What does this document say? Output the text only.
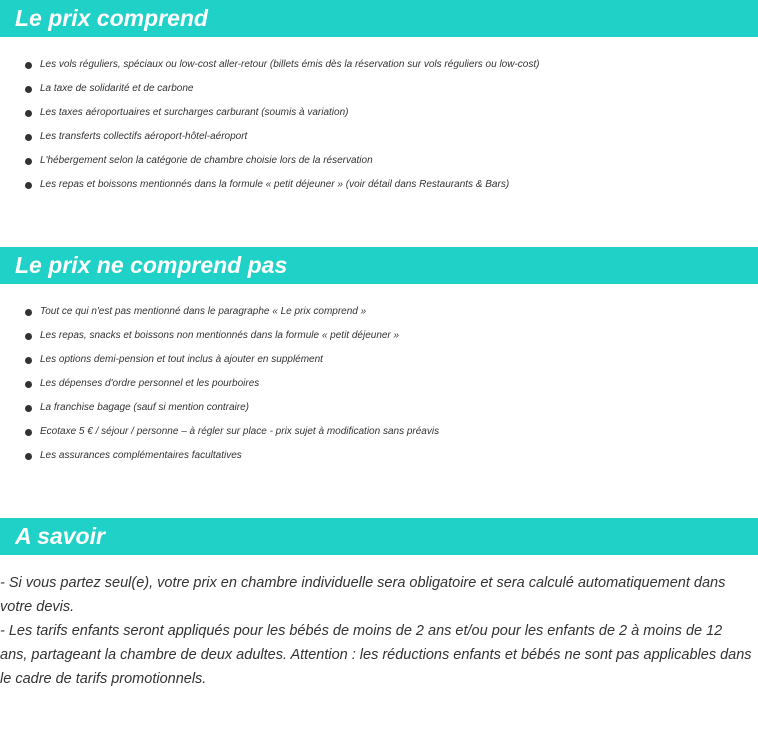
Le prix comprend
Les vols réguliers, spéciaux ou low-cost aller-retour (billets émis dès la réservation sur vols réguliers ou low-cost)
La taxe de solidarité et de carbone
Les taxes aéroportuaires et surcharges carburant (soumis à variation)
Les transferts collectifs aéroport-hôtel-aéroport
L'hébergement selon la catégorie de chambre choisie lors de la réservation
Les repas et boissons mentionnés dans la formule « petit déjeuner » (voir détail dans Restaurants & Bars)
Le prix ne comprend pas
Tout ce qui n'est pas mentionné dans le paragraphe « Le prix comprend »
Les repas, snacks et boissons non mentionnés dans la formule « petit déjeuner »
Les options demi-pension et tout inclus à ajouter en supplément
Les dépenses d'ordre personnel et les pourboires
La franchise bagage (sauf si mention contraire)
Ecotaxe 5 € / séjour / personne – à régler sur place - prix sujet à modification sans préavis
Les assurances complémentaires facultatives
A savoir

- Si vous partez seul(e), votre prix en chambre individuelle sera obligatoire et sera calculé automatiquement dans votre devis.

- Les tarifs enfants seront appliqués pour les bébés de moins de 2 ans et/ou pour les enfants de 2 à moins de 12 ans, partageant la chambre de deux adultes. Attention : les réductions enfants et bébés ne sont pas applicables dans le cadre de tarifs promotionnels.
